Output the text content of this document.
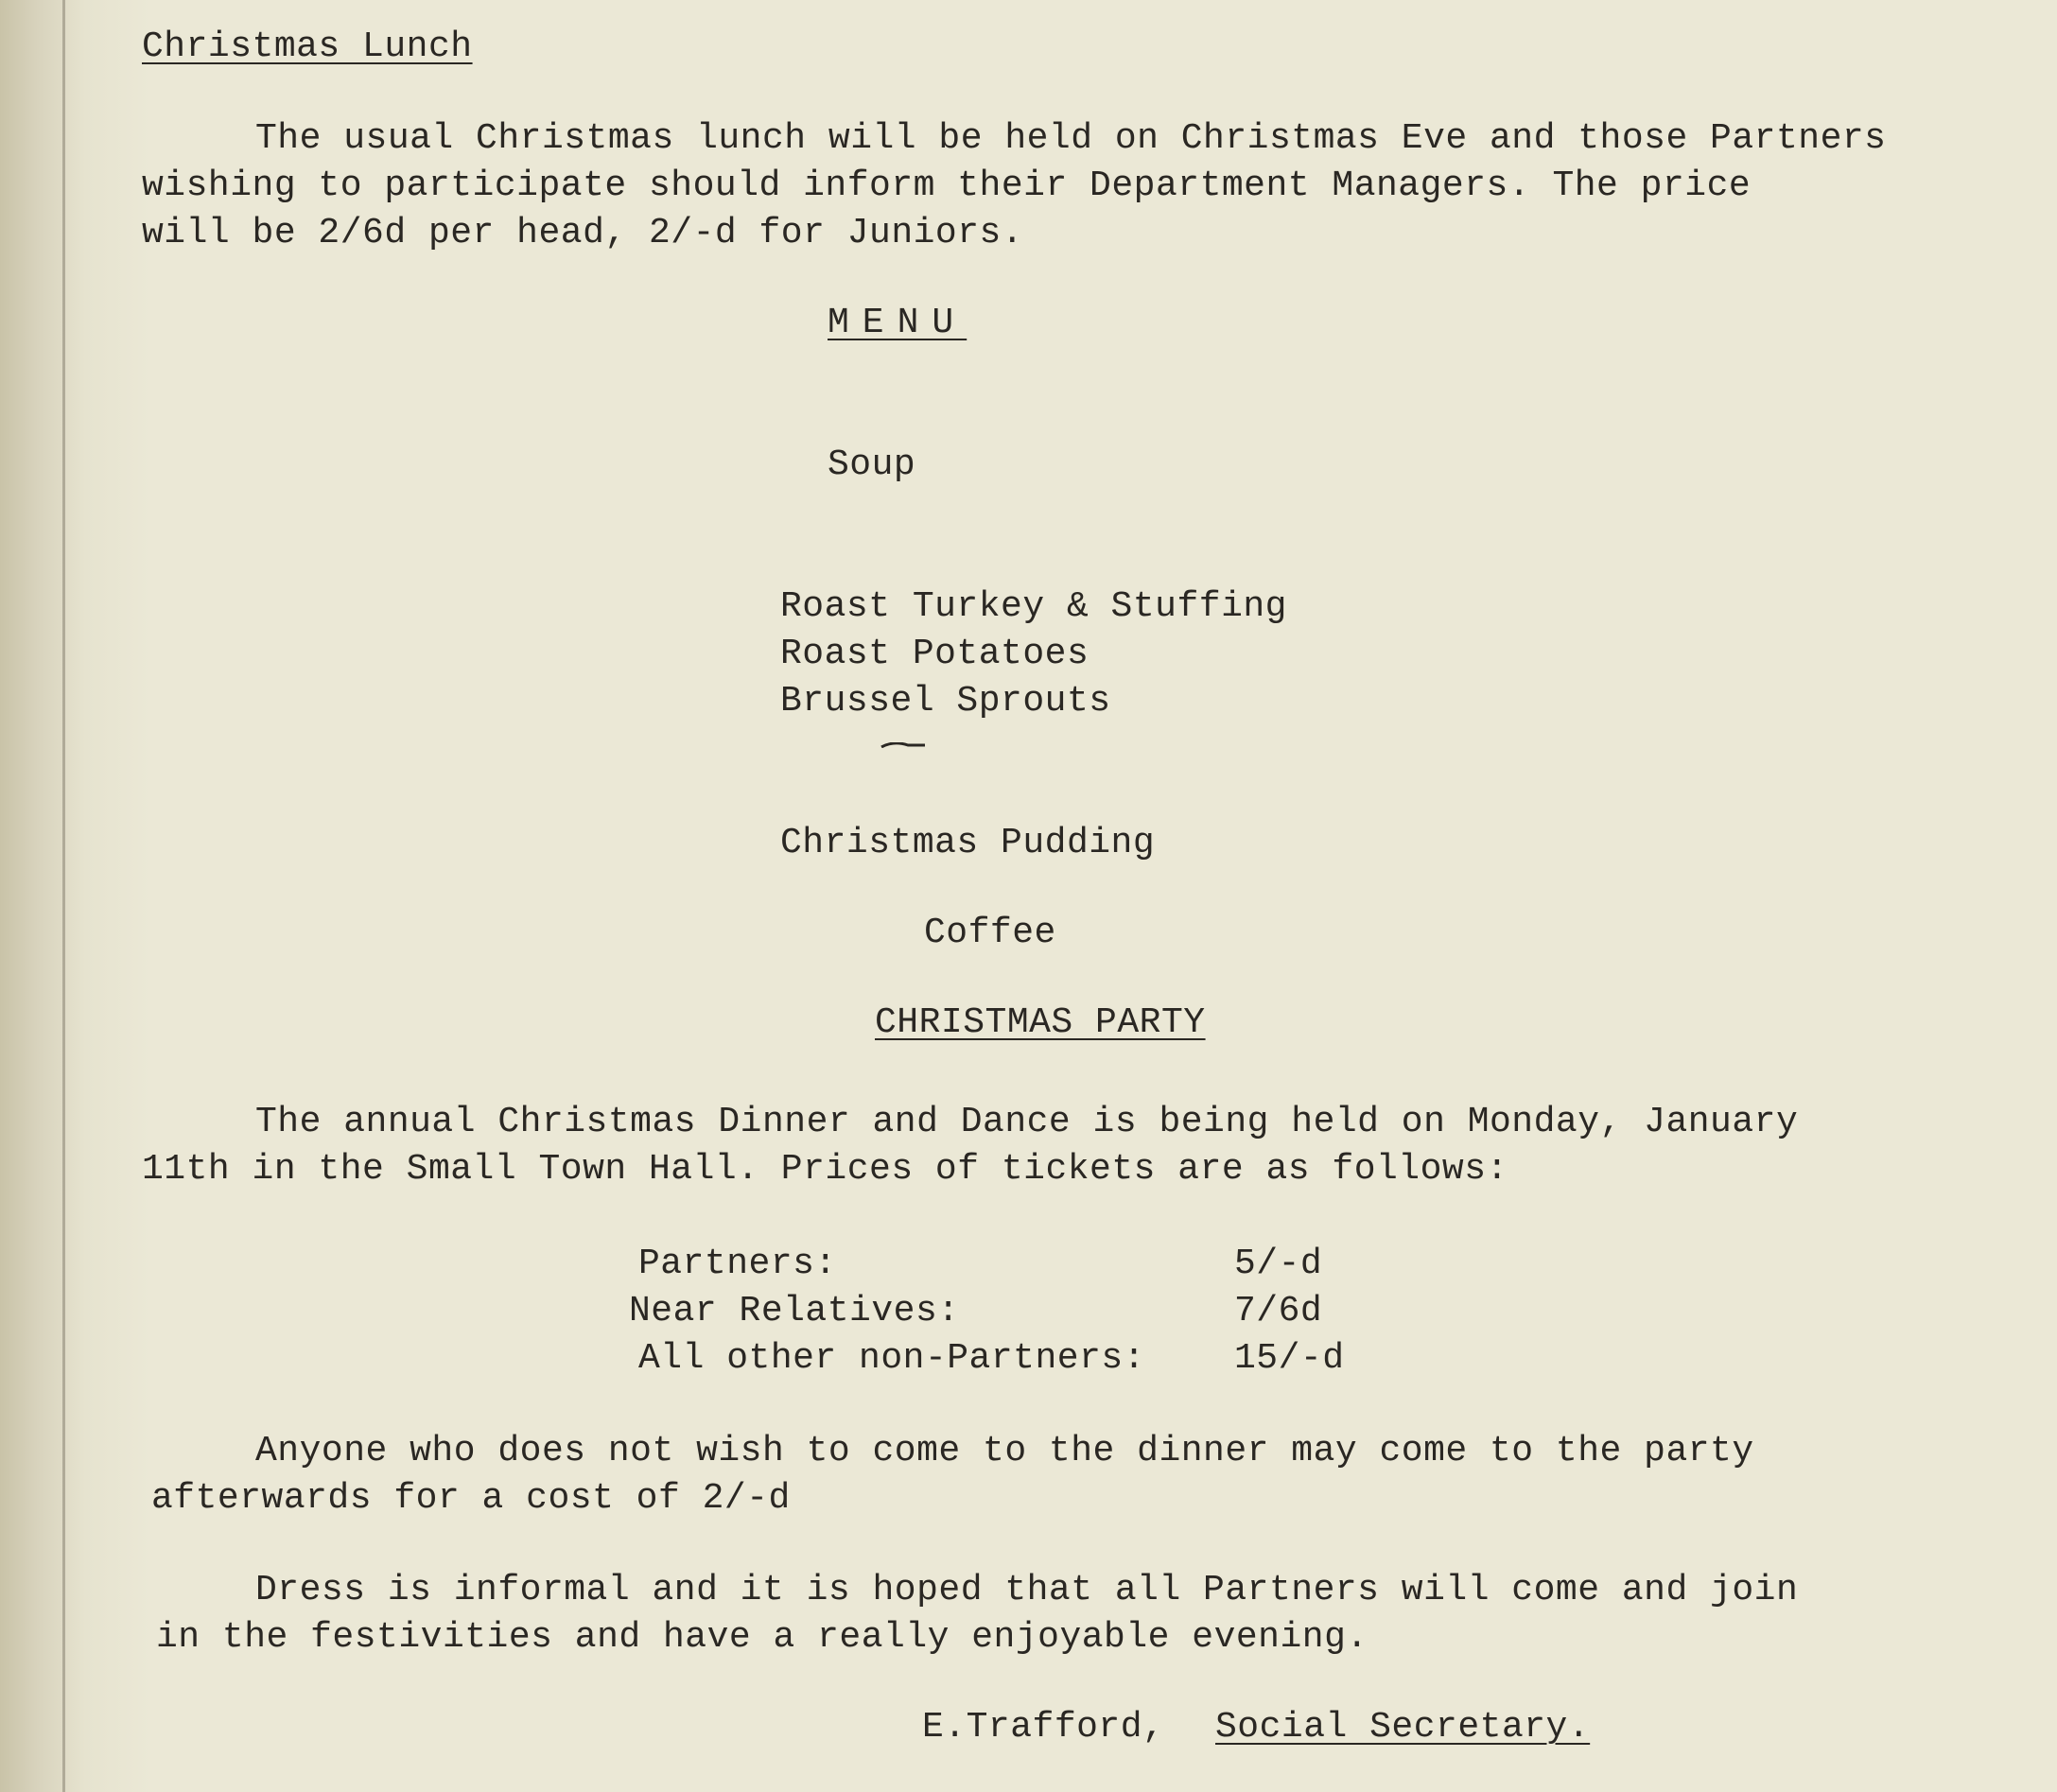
Christmas Lunch
The usual Christmas lunch will be held on Christmas Eve and those Partners
wishing to participate should inform their Department Managers. The price
will be 2/6d per head, 2/-d for Juniors.
MENU
Soup
Roast Turkey & Stuffing
Roast Potatoes
Brussel Sprouts
Christmas Pudding
Coffee
CHRISTMAS PARTY
The annual Christmas Dinner and Dance is being held on Monday, January
11th in the Small Town Hall. Prices of tickets are as follows:
Partners:	5/-d
Near Relatives:	7/6d
All other non-Partners: 15/-d
Anyone who does not wish to come to the dinner may come to the party
afterwards for a cost of 2/-d
Dress is informal and it is hoped that all Partners will come and join
in the festivities and have a really enjoyable evening.
E.Trafford, Social Secretary.
